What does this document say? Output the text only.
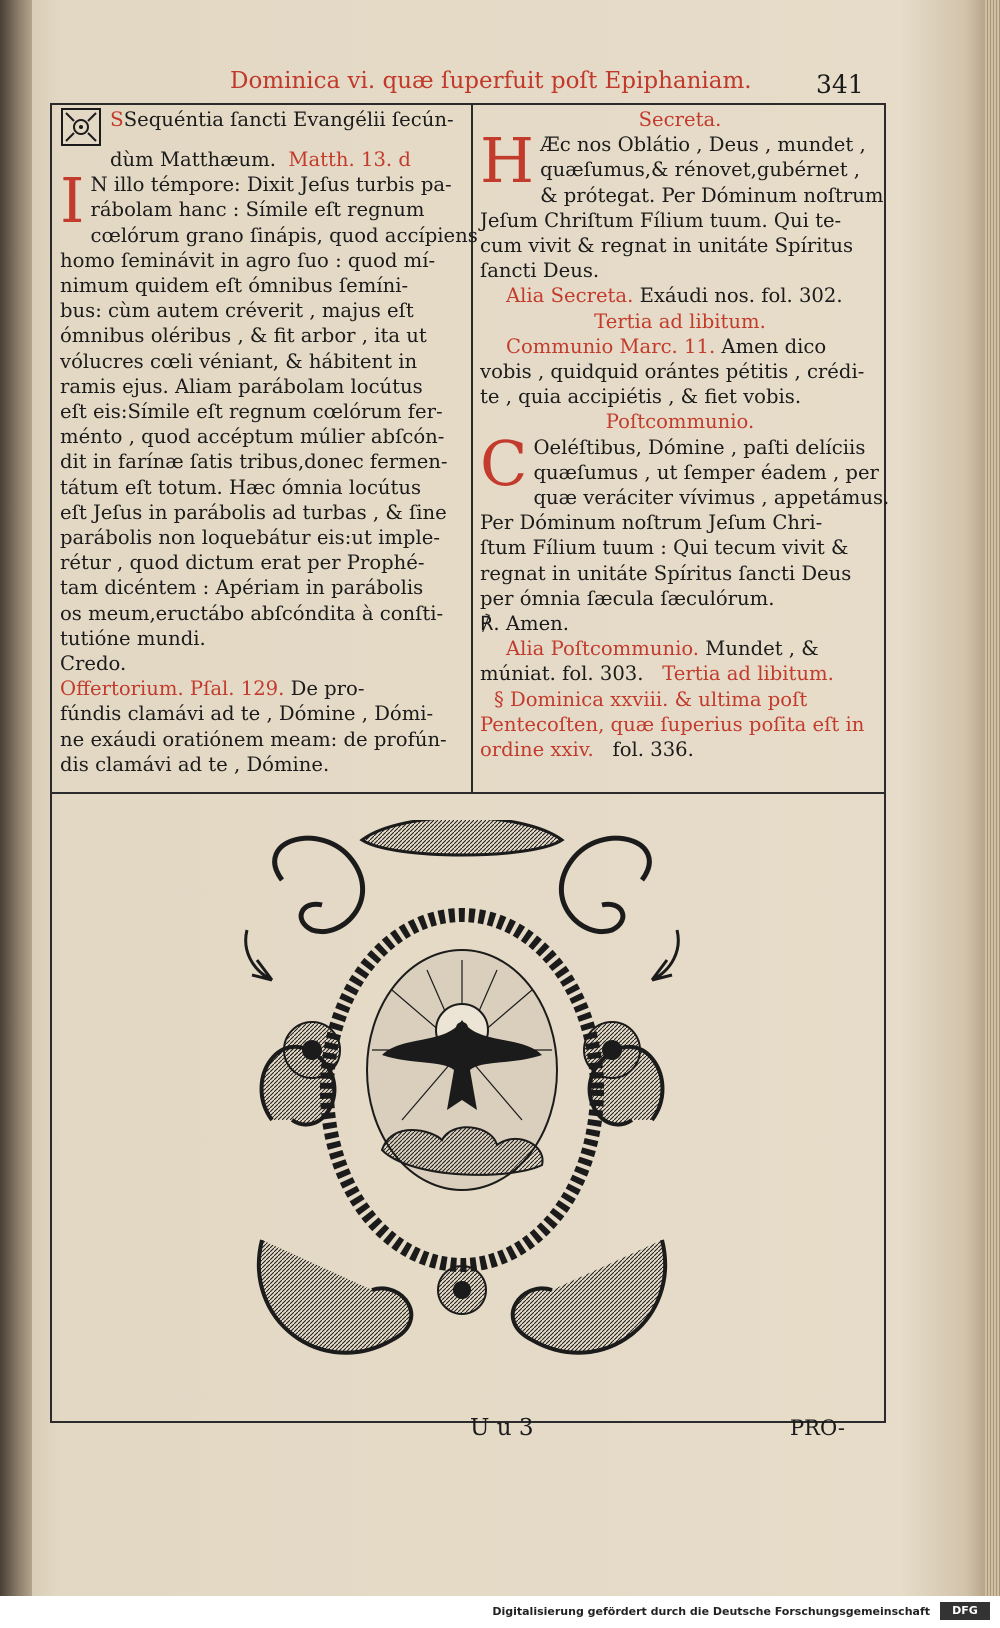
Dominica vi. quæ ſuperfuit poſt Epiphaniam.	341

SSequéntia ſancti Evangélii ſecún-

dùm Matthæum. Matth. 13. d

I N illo témpore: Dixit Jeſus turbis pa-

rábolam hanc : Símile eſt regnum

cœlórum grano ſinápis, quod accípiens

homo ſeminávit in agro ſuo : quod mí-

nimum quidem eſt ómnibus ſemíni-

bus: cùm autem créverit , majus eſt

ómnibus oléribus , & fit arbor , ita ut

vólucres cœli véniant, & hábitent in

ramis ejus. Aliam parábolam locútus

eſt eis:Símile eſt regnum cœlórum fer-

ménto , quod accéptum múlier abſcón-

dit in farínæ ſatis tribus,donec fermen-

tátum eſt totum. Hæc ómnia locútus

eſt Jeſus in parábolis ad turbas , & ſine

parábolis non loquebátur eis:ut imple-

rétur , quod dictum erat per Prophé-

tam dicéntem : Apériam in parábolis

os meum,eructábo abſcóndita à conſti-

tutióne mundi.

Credo.

Offertorium. Pſal. 129. De pro-

fúndis clamávi ad te , Dómine , Dómi-

ne exáudi oratiónem meam: de profún-

dis clamávi ad te , Dómine.

Secreta.

H Æc nos Oblátio , Deus , mundet ,

quæſumus,& rénovet,gubérnet ,

& prótegat. Per Dóminum noſtrum

Jeſum Chriſtum Fílium tuum. Qui te-

cum vivit & regnat in unitáte Spíritus

ſancti Deus.

Alia Secreta. Exáudi nos. fol. 302.

Tertia ad libitum.

Communio Marc. 11. Amen dico

vobis , quidquid orántes pétitis , crédi-

te , quia accipiétis , & fiet vobis.

Poſtcommunio.

C Oeléſtibus, Dómine , paſti delíciis

quæſumus , ut ſemper éadem , per

quæ veráciter vívimus , appetámus.

Per Dóminum noſtrum Jeſum Chri-

ſtum Fílium tuum : Qui tecum vivit &

regnat in unitáte Spíritus ſancti Deus

per ómnia ſæcula ſæculórum.

℟. Amen.

Alia Poſtcommunio. Mundet , &

múniat. fol. 303. Tertia ad libitum.

§ Dominica xxviii. & ultima poſt

Pentecoſten, quæ ſuperius poſita eſt in

ordine xxiv. fol. 336.

U u 3	PRO-
Digitalisierung gefördert durch die Deutsche Forschungsgemeinschaft	DFG
